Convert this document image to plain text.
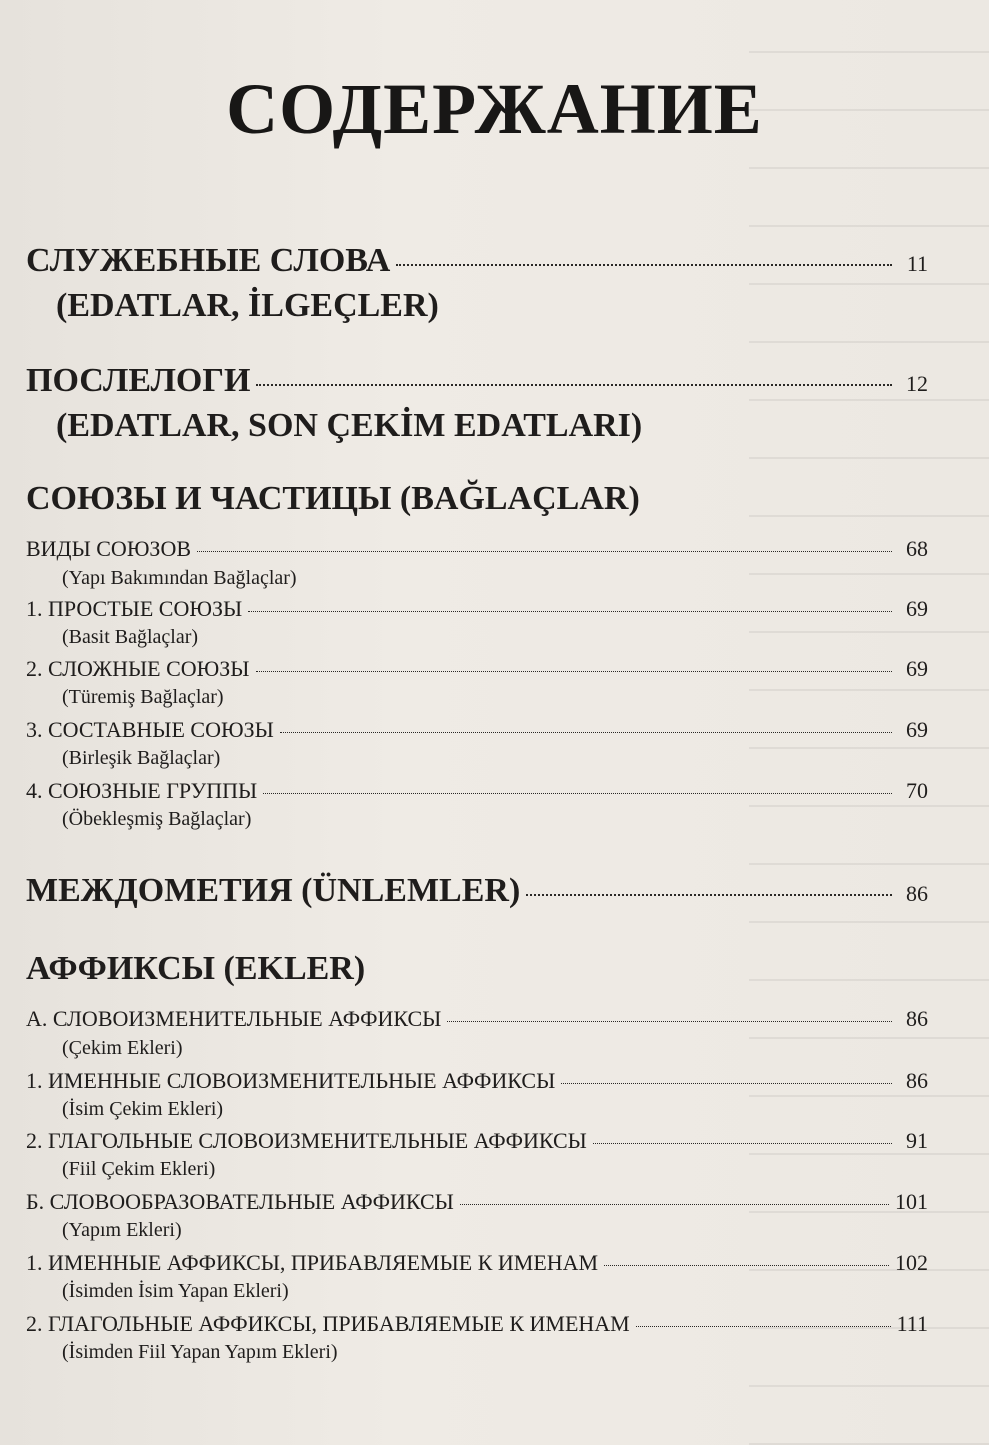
СОДЕРЖАНИЕ
СЛУЖЕБНЫЕ СЛОВА	11
(EDATLAR, İLGEÇLER)
ПОСЛЕЛОГИ	12
(EDATLAR, SON ÇEKİM EDATLARI)
СОЮЗЫ И ЧАСТИЦЫ (BAĞLAÇLAR)
ВИДЫ СОЮЗОВ	68
(Yapı Bakımından Bağlaçlar)
1. ПРОСТЫЕ СОЮЗЫ	69
(Basit Bağlaçlar)
2. СЛОЖНЫЕ СОЮЗЫ	69
(Türemiş Bağlaçlar)
3. СОСТАВНЫЕ СОЮЗЫ	69
(Birleşik Bağlaçlar)
4. СОЮЗНЫЕ ГРУППЫ	70
(Öbekleşmiş Bağlaçlar)
МЕЖДОМЕТИЯ (ÜNLEMLER)	86
АФФИКСЫ (EKLER)
А. СЛОВОИЗМЕНИТЕЛЬНЫЕ АФФИКСЫ	86
(Çekim Ekleri)
1. ИМЕННЫЕ СЛОВОИЗМЕНИТЕЛЬНЫЕ АФФИКСЫ	86
(İsim Çekim Ekleri)
2. ГЛАГОЛЬНЫЕ СЛОВОИЗМЕНИТЕЛЬНЫЕ АФФИКСЫ	91
(Fiil Çekim Ekleri)
Б. СЛОВООБРАЗОВАТЕЛЬНЫЕ АФФИКСЫ	101
(Yapım Ekleri)
1. ИМЕННЫЕ АФФИКСЫ, ПРИБАВЛЯЕМЫЕ К ИМЕНАМ	102
(İsimden İsim Yapan Ekleri)
2. ГЛАГОЛЬНЫЕ АФФИКСЫ, ПРИБАВЛЯЕМЫЕ К ИМЕНАМ	111
(İsimden Fiil Yapan Yapım Ekleri)
